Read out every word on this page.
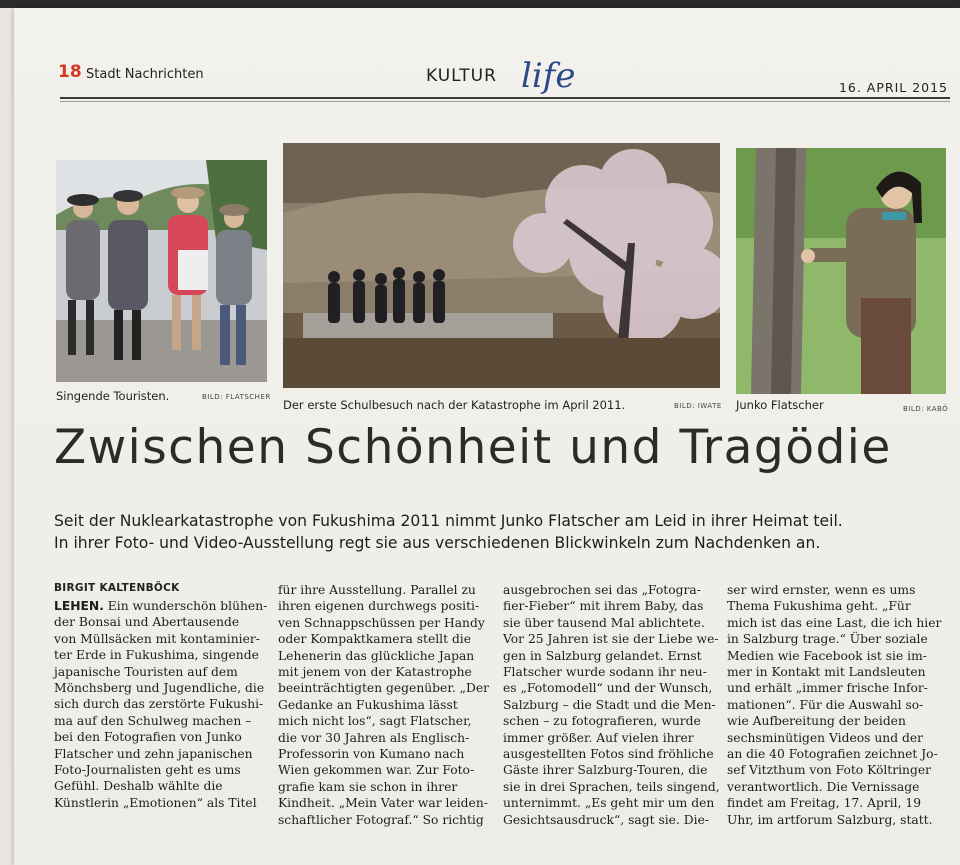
18 Stadt Nachrichten	KULTUR life	16. APRIL 2015
Singende Touristen.	BILD: FLATSCHER
Der erste Schulbesuch nach der Katastrophe im April 2011.	BILD: IWATE Junko Flatscher	BILD: KABÖ
Zwischen Schönheit und Tragödie
Seit der Nuklearkatastrophe von Fukushima 2011 nimmt Junko Flatscher am Leid in ihrer Heimat teil.
In ihrer Foto- und Video-Ausstellung regt sie aus verschiedenen Blickwinkeln zum Nachdenken an.
BIRGIT KALTENBÖCK
LEHEN. Ein wunderschön blühen-
der Bonsai und Abertausende
von Müllsäcken mit kontaminier-
ter Erde in Fukushima, singende
japanische Touristen auf dem
Mönchsberg und Jugendliche, die
sich durch das zerstörte Fukushi-
ma auf den Schulweg machen –
bei den Fotografien von Junko
Flatscher und zehn japanischen
Foto-Journalisten geht es ums
Gefühl. Deshalb wählte die
Künstlerin „Emotionen“ als Titel
für ihre Ausstellung. Parallel zu
ihren eigenen durchwegs positi-
ven Schnappschüssen per Handy
oder Kompaktkamera stellt die
Lehenerin das glückliche Japan
mit jenem von der Katastrophe
beeinträchtigten gegenüber. „Der
Gedanke an Fukushima lässt
mich nicht los“, sagt Flatscher,
die vor 30 Jahren als Englisch-
Professorin von Kumano nach
Wien gekommen war. Zur Foto-
grafie kam sie schon in ihrer
Kindheit. „Mein Vater war leiden-
schaftlicher Fotograf.“ So richtig
ausgebrochen sei das „Fotogra-
fier-Fieber“ mit ihrem Baby, das
sie über tausend Mal ablichtete.
Vor 25 Jahren ist sie der Liebe we-
gen in Salzburg gelandet. Ernst
Flatscher wurde sodann ihr neu-
es „Fotomodell“ und der Wunsch,
Salzburg – die Stadt und die Men-
schen – zu fotografieren, wurde
immer größer. Auf vielen ihrer
ausgestellten Fotos sind fröhliche
Gäste ihrer Salzburg-Touren, die
sie in drei Sprachen, teils singend,
unternimmt. „Es geht mir um den
Gesichtsausdruck“, sagt sie. Die-
ser wird ernster, wenn es ums
Thema Fukushima geht. „Für
mich ist das eine Last, die ich hier
in Salzburg trage.“ Über soziale
Medien wie Facebook ist sie im-
mer in Kontakt mit Landsleuten
und erhält „immer frische Infor-
mationen“. Für die Auswahl so-
wie Aufbereitung der beiden
sechsminütigen Videos und der
an die 40 Fotografien zeichnet Jo-
sef Vitzthum von Foto Költringer
verantwortlich. Die Vernissage
findet am Freitag, 17. April, 19
Uhr, im artforum Salzburg, statt.
